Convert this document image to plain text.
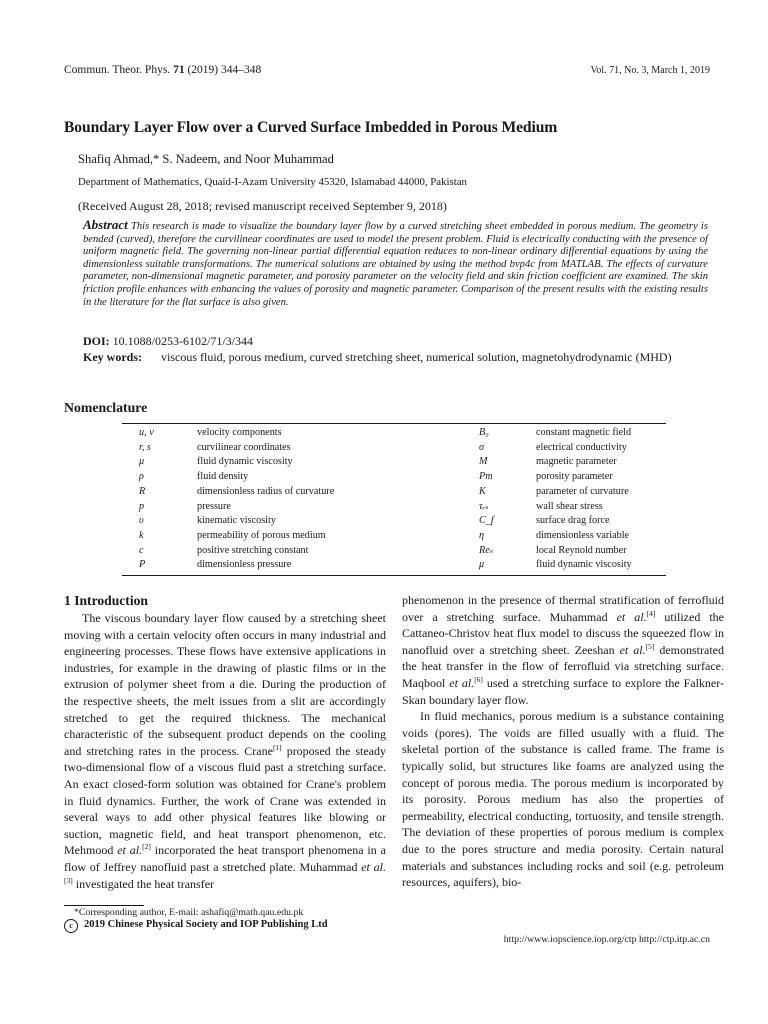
Commun. Theor. Phys. 71 (2019) 344–348	Vol. 71, No. 3, March 1, 2019
Boundary Layer Flow over a Curved Surface Imbedded in Porous Medium
Shafiq Ahmad,* S. Nadeem, and Noor Muhammad
Department of Mathematics, Quaid-I-Azam University 45320, Islamabad 44000, Pakistan
(Received August 28, 2018; revised manuscript received September 9, 2018)
Abstract This research is made to visualize the boundary layer flow by a curved stretching sheet embedded in porous medium. The geometry is bended (curved), therefore the curvilinear coordinates are used to model the present problem. Fluid is electrically conducting with the presence of uniform magnetic field. The governing non-linear partial differential equation reduces to non-linear ordinary differential equations by using the dimensionless suitable transformations. The numerical solutions are obtained by using the method bvp4c from MATLAB. The effects of curvature parameter, non-dimensional magnetic parameter, and porosity parameter on the velocity field and skin friction coefficient are examined. The skin friction profile enhances with enhancing the values of porosity and magnetic parameter. Comparison of the present results with the existing results in the literature for the flat surface is also given.
DOI: 10.1088/0253-6102/71/3/344
Key words: viscous fluid, porous medium, curved stretching sheet, numerical solution, magnetohydrodynamic (MHD)
Nomenclature
u, v	velocity components	B₀	constant magnetic field
r, s	curvilinear coordinates	σ	electrical conductivity
μ	fluid dynamic viscosity	M	magnetic parameter
ρ	fluid density	Pm	porosity parameter
R	dimensionless radius of curvature	K	parameter of curvature
p	pressure	τᵣₛ	wall shear stress
υ	kinematic viscosity	C_f	surface drag force
k	permeability of porous medium	η	dimensionless variable
c	positive stretching constant	Reₛ	local Reynold number
P	dimensionless pressure	μ	fluid dynamic viscosity
1 Introduction

The viscous boundary layer flow caused by a stretching sheet moving with a certain velocity often occurs in many industrial and engineering processes. These flows have extensive applications in industries, for example in the drawing of plastic films or in the extrusion of polymer sheet from a die. During the production of the respective sheets, the melt issues from a slit are accordingly stretched to get the required thickness. The mechanical characteristic of the subsequent product depends on the cooling and stretching rates in the process. Crane[1] proposed the steady two-dimensional flow of a viscous fluid past a stretching surface. An exact closed-form solution was obtained for Crane's problem in fluid dynamics. Further, the work of Crane was extended in several ways to add other physical features like blowing or suction, magnetic field, and heat transport phenomenon, etc. Mehmood et al.[2] incorporated the heat transport phenomena in a flow of Jeffrey nanofluid past a stretched plate. Muhammad et al.[3] investigated the heat transfer

phenomenon in the presence of thermal stratification of ferrofluid over a stretching surface. Muhammad et al.[4] utilized the Cattaneo-Christov heat flux model to discuss the squeezed flow in nanofluid over a stretching sheet. Zeeshan et al.[5] demonstrated the heat transfer in the flow of ferrofluid via stretching surface. Maqbool et al.[6] used a stretching surface to explore the Falkner-Skan boundary layer flow.

In fluid mechanics, porous medium is a substance containing voids (pores). The voids are filled usually with a fluid. The skeletal portion of the substance is called frame. The frame is typically solid, but structures like foams are analyzed using the concept of porous media. The porous medium is incorporated by its porosity. Porous medium has also the properties of permeability, electrical conducting, tortuosity, and tensile strength. The deviation of these properties of porous medium is complex due to the pores structure and media porosity. Certain natural materials and substances including rocks and soil (e.g. petroleum resources, aquifers), bio-

*Corresponding author, E-mail: ashafiq@math.qau.edu.pk
c 2019 Chinese Physical Society and IOP Publishing Ltd
http://www.iopscience.iop.org/ctp http://ctp.itp.ac.cn
